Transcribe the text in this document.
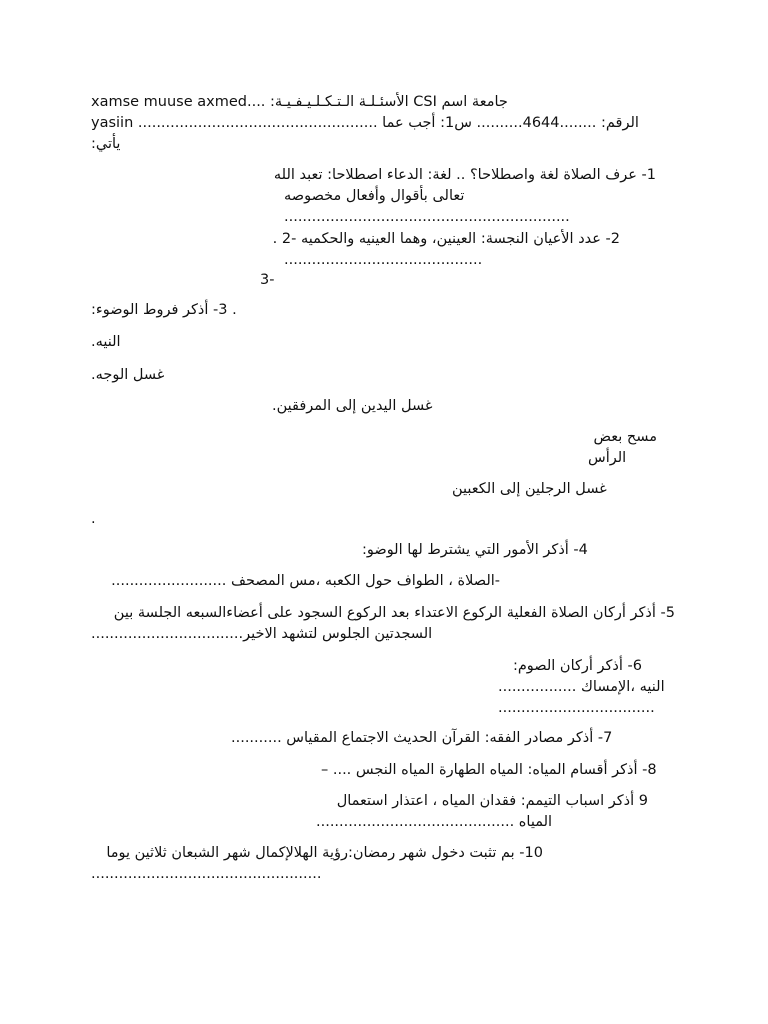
جامعة اسم CSI الأسئـلـة الـتـكـلـيـفـيـة: ....xamse muuse axmed
yasiin .................................................... الرقم: ........4644.......... س1: أجب عما
يأتي:
1- عرف الصلاة لغة واصطلاحا؟ .. لغة: الدعاء اصطلاحا: تعبد الله
تعالى بأقوال وأفعال مخصوصه
..............................................................
2- عدد الأعيان النجسة: العينين، وهما العينيه والحكميه -2 .
...........................................
3-
. 3- أذكر فروط الوضوء:
النيه.
غسل الوجه.
غسل اليدين إلى المرفقين.
مسح بعض
الرأس
غسل الرجلين إلى الكعبين
.
4- أذكر الأمور التي يشترط لها الوضو:
-الصلاة ، الطواف حول الكعبه ،مس المصحف .........................
5- أذكر أركان الصلاة الفعلية الركوع الاعتداء بعد الركوع السجود على أعضاءالسبعه الجلسة بين
السجدتين الجلوس لتشهد الاخير.................................
6- أذكر أركان الصوم:
النيه ،الإمساك .................
..................................
7- أذكر مصادر الفقه: القرآن الحديث الاجتماع المقياس ...........
8- أذكر أقسام المياه: المياه الطهارة المياه النجس .... –
9 أذكر اسباب التيمم: فقدان المياه ، اعتذار استعمال
المياه ...........................................
10- بم تثبت دخول شهر رمضان:رؤية الهلالإكمال شهر الشبعان ثلاثين يوما
..................................................
